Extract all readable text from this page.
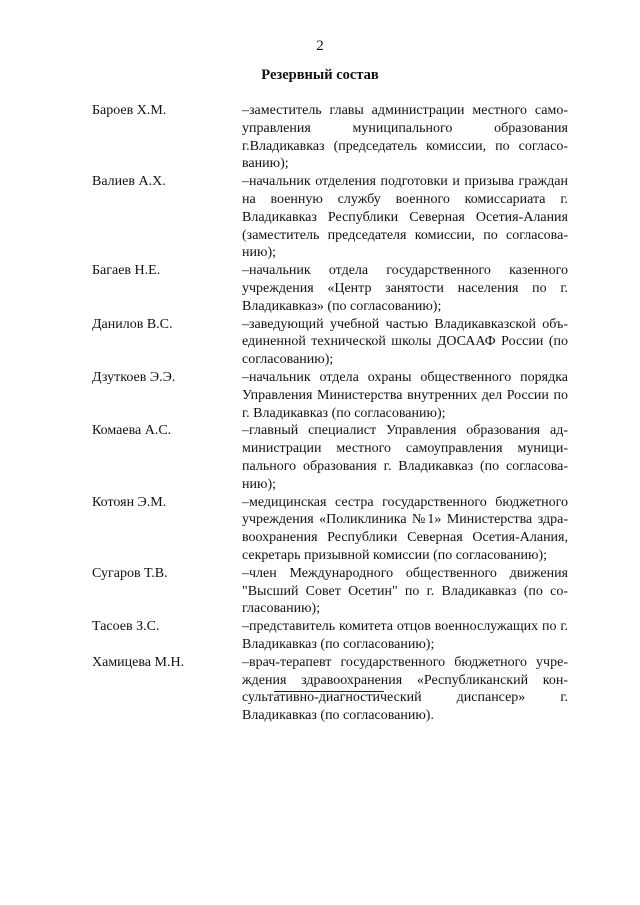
2
Резервный состав
Бароев Х.М.	–заместитель главы администрации местного самоуправления муниципального образования г.Владикавказ (председатель комиссии, по согласованию);
Валиев А.Х.	–начальник отделения подготовки и призыва граждан на военную службу военного комиссариата г. Владикавказ Республики Северная Осетия-Алания (заместитель председателя комиссии, по согласованию);
Багаев Н.Е.	–начальник отдела государственного казенного учреждения «Центр занятости населения по г. Владикавказ» (по согласованию);
Данилов В.С.	–заведующий учебной частью Владикавказской объединенной технической школы ДОСААФ России (по согласованию);
Дзуткоев Э.Э.	–начальник отдела охраны общественного порядка Управления Министерства внутренних дел России по г. Владикавказ (по согласованию);
Комаева А.С.	–главный специалист Управления образования администрации местного самоуправления муниципального образования г. Владикавказ (по согласованию);
Котоян Э.М.	–медицинская сестра государственного бюджетного учреждения «Поликлиника №1» Министерства здравоохранения Республики Северная Осетия-Алания, секретарь призывной комиссии (по согласованию);
Сугаров Т.В.	–член Международного общественного движения "Высший Совет Осетин" по г. Владикавказ (по согласованию);
Тасоев З.С.	–представитель комитета отцов военнослужащих по г. Владикавказ (по согласованию);
Хамицева М.Н.	–врач-терапевт государственного бюджетного учреждения здравоохранения «Республиканский консультативно-диагностический диспансер» г. Владикавказ (по согласованию).
